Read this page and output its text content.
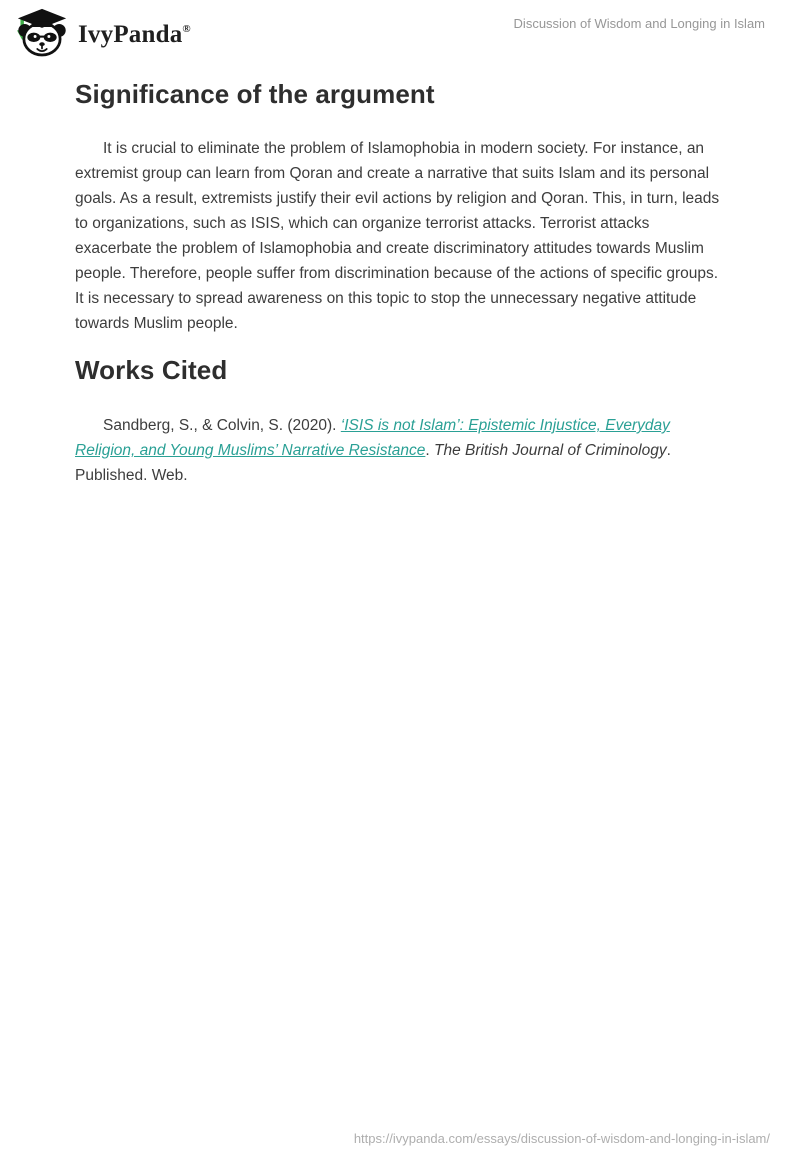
IvyPanda®	Discussion of Wisdom and Longing in Islam
Significance of the argument

It is crucial to eliminate the problem of Islamophobia in modern society. For instance, an extremist group can learn from Qoran and create a narrative that suits Islam and its personal goals. As a result, extremists justify their evil actions by religion and Qoran. This, in turn, leads to organizations, such as ISIS, which can organize terrorist attacks. Terrorist attacks exacerbate the problem of Islamophobia and create discriminatory attitudes towards Muslim people. Therefore, people suffer from discrimination because of the actions of specific groups. It is necessary to spread awareness on this topic to stop the unnecessary negative attitude towards Muslim people.

Works Cited

Sandberg, S., & Colvin, S. (2020). ‘ISIS is not Islam’: Epistemic Injustice, Everyday Religion, and Young Muslims’ Narrative Resistance. The British Journal of Criminology. Published. Web.

https://ivypanda.com/essays/discussion-of-wisdom-and-longing-in-islam/
